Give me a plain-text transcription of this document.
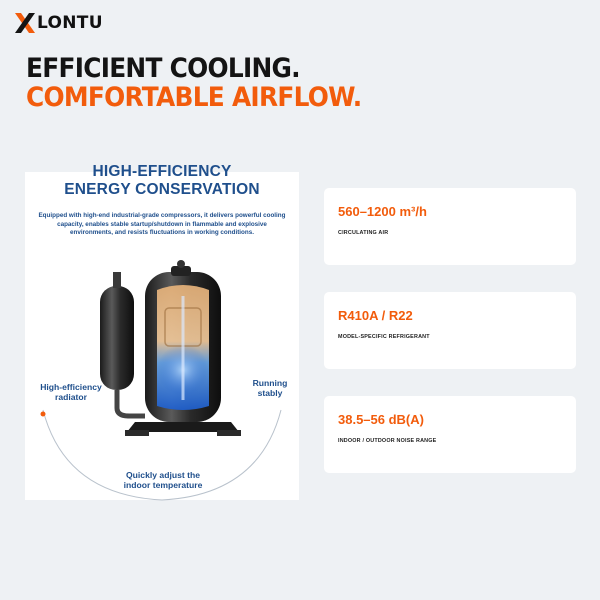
LONTU
EFFICIENT COOLING.
COMFORTABLE AIRFLOW.
HIGH-EFFICIENCY
ENERGY CONSERVATION
Equipped with high-end industrial-grade compressors, it delivers powerful cooling capacity, enables stable startup/shutdown in flammable and explosive environments, and resists fluctuations in working conditions.
High-efficiency radiator
Running stably
Quickly adjust the indoor temperature
560–1200 m³/h
CIRCULATING AIR
R410A / R22
MODEL-SPECIFIC REFRIGERANT
38.5–56 dB(A)
INDOOR / OUTDOOR NOISE RANGE
